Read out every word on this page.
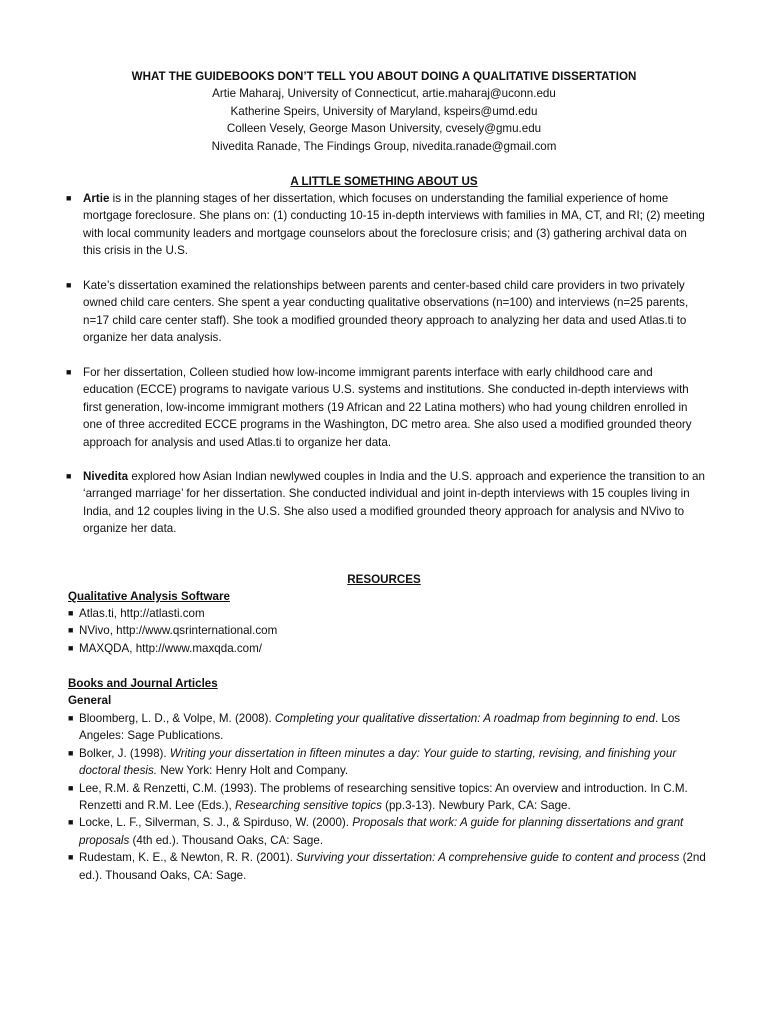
WHAT THE GUIDEBOOKS DON’T TELL YOU ABOUT DOING A QUALITATIVE DISSERTATION
Artie Maharaj, University of Connecticut, artie.maharaj@uconn.edu
Katherine Speirs, University of Maryland, kspeirs@umd.edu
Colleen Vesely, George Mason University, cvesely@gmu.edu
Nivedita Ranade, The Findings Group, nivedita.ranade@gmail.com
A LITTLE SOMETHING ABOUT US
■ Artie is in the planning stages of her dissertation, which focuses on understanding the familial experience of home mortgage foreclosure. She plans on: (1) conducting 10-15 in-depth interviews with families in MA, CT, and RI; (2) meeting with local community leaders and mortgage counselors about the foreclosure crisis; and (3) gathering archival data on this crisis in the U.S.
■ Kate’s dissertation examined the relationships between parents and center-based child care providers in two privately owned child care centers. She spent a year conducting qualitative observations (n=100) and interviews (n=25 parents, n=17 child care center staff). She took a modified grounded theory approach to analyzing her data and used Atlas.ti to organize her data analysis.
■ For her dissertation, Colleen studied how low-income immigrant parents interface with early childhood care and education (ECCE) programs to navigate various U.S. systems and institutions. She conducted in-depth interviews with first generation, low-income immigrant mothers (19 African and 22 Latina mothers) who had young children enrolled in one of three accredited ECCE programs in the Washington, DC metro area. She also used a modified grounded theory approach for analysis and used Atlas.ti to organize her data.
■ Nivedita explored how Asian Indian newlywed couples in India and the U.S. approach and experience the transition to an ‘arranged marriage’ for her dissertation. She conducted individual and joint in-depth interviews with 15 couples living in India, and 12 couples living in the U.S. She also used a modified grounded theory approach for analysis and NVivo to organize her data.
RESOURCES
Qualitative Analysis Software
■ Atlas.ti, http://atlasti.com
■ NVivo, http://www.qsrinternational.com
■ MAXQDA, http://www.maxqda.com/
Books and Journal Articles
General
■ Bloomberg, L. D., & Volpe, M. (2008). Completing your qualitative dissertation: A roadmap from beginning to end. Los Angeles: Sage Publications.
■ Bolker, J. (1998). Writing your dissertation in fifteen minutes a day: Your guide to starting, revising, and finishing your doctoral thesis. New York: Henry Holt and Company.
■ Lee, R.M. & Renzetti, C.M. (1993). The problems of researching sensitive topics: An overview and introduction. In C.M. Renzetti and R.M. Lee (Eds.), Researching sensitive topics (pp.3-13). Newbury Park, CA: Sage.
■ Locke, L. F., Silverman, S. J., & Spirduso, W. (2000). Proposals that work: A guide for planning dissertations and grant proposals (4th ed.). Thousand Oaks, CA: Sage.
■ Rudestam, K. E., & Newton, R. R. (2001). Surviving your dissertation: A comprehensive guide to content and process (2nd ed.). Thousand Oaks, CA: Sage.
